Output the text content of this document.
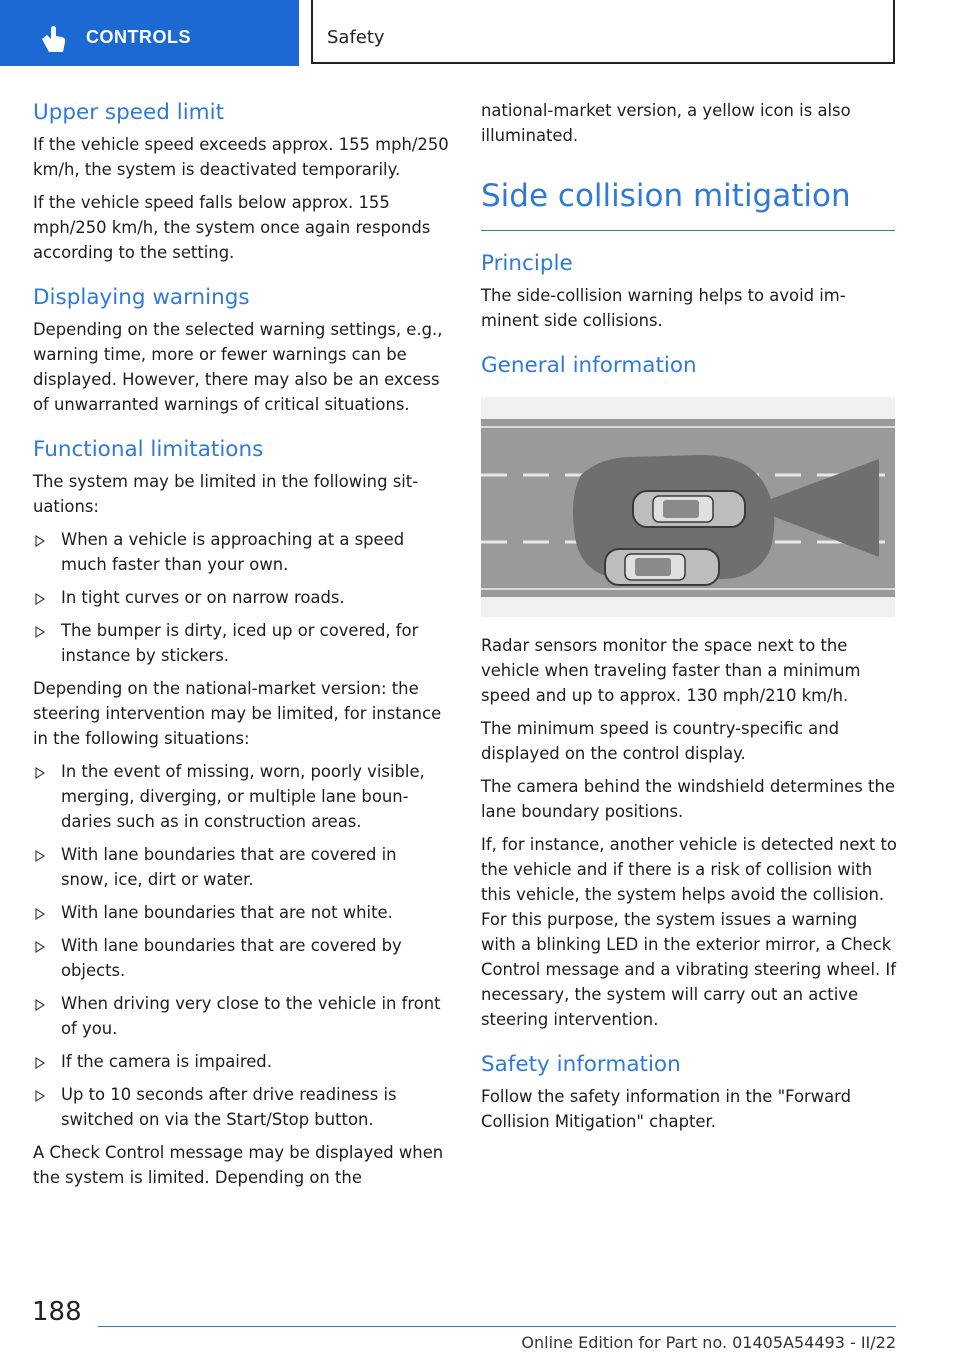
CONTROLS	Safety
Upper speed limit

If the vehicle speed exceeds approx. 155 mph/250 km/h, the system is deactivated temporarily.

If the vehicle speed falls below approx. 155 mph/250 km/h, the system once again responds according to the setting.

Displaying warnings

Depending on the selected warning settings, e.g., warning time, more or fewer warnings can be displayed. However, there may also be an excess of unwarranted warnings of critical situations.

Functional limitations

The system may be limited in the following situations:

When a vehicle is approaching at a speed much faster than your own.
In tight curves or on narrow roads.
The bumper is dirty, iced up or covered, for instance by stickers.

Depending on the national-market version: the steering intervention may be limited, for instance in the following situations:

In the event of missing, worn, poorly visible, merging, diverging, or multiple lane boundaries such as in construction areas.
With lane boundaries that are covered in snow, ice, dirt or water.
With lane boundaries that are not white.
With lane boundaries that are covered by objects.
When driving very close to the vehicle in front of you.
If the camera is impaired.
Up to 10 seconds after drive readiness is switched on via the Start/Stop button.

A Check Control message may be displayed when the system is limited. Depending on the

national-market version, a yellow icon is also illuminated.

Side collision mitigation
Principle

The side-collision warning helps to avoid imminent side collisions.

General information

Radar sensors monitor the space next to the vehicle when traveling faster than a minimum speed and up to approx. 130 mph/210 km/h.

The minimum speed is country-specific and displayed on the control display.

The camera behind the windshield determines the lane boundary positions.

If, for instance, another vehicle is detected next to the vehicle and if there is a risk of collision with this vehicle, the system helps avoid the collision. For this purpose, the system issues a warning with a blinking LED in the exterior mirror, a Check Control message and a vibrating steering wheel. If necessary, the system will carry out an active steering intervention.

Safety information

Follow the safety information in the "Forward Collision Mitigation" chapter.

188
Online Edition for Part no. 01405A54493 - II/22
